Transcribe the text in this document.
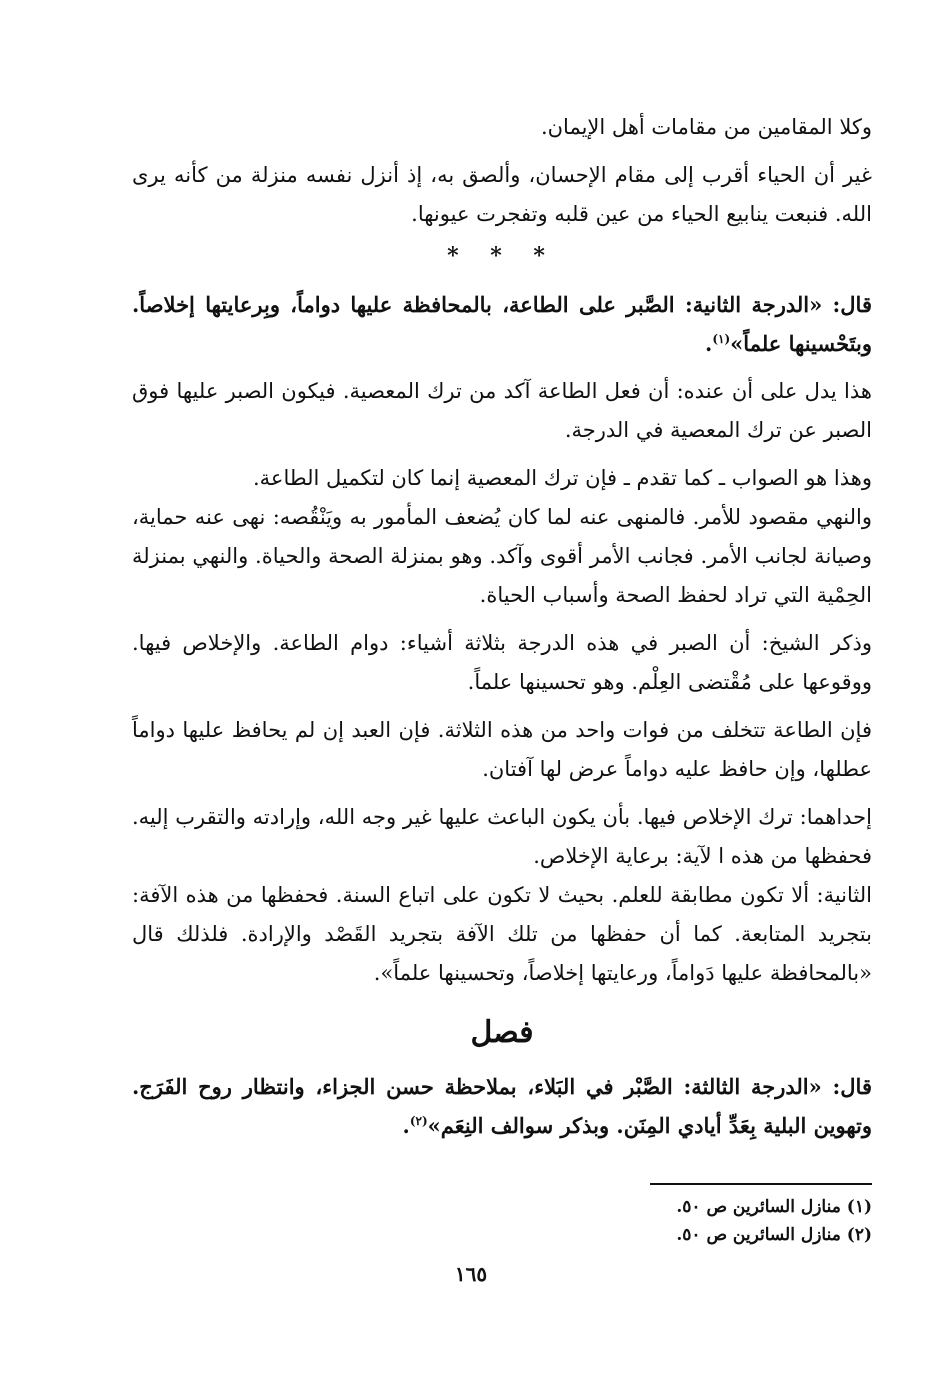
وكلا المقامين من مقامات أهل الإيمان.

غير أن الحياء أقرب إلى مقام الإحسان، وألصق به، إذ أنزل نفسه منزلة من كأنه يرى الله. فنبعت ينابيع الحياء من عين قلبه وتفجرت عيونها.

* * *

قال: «الدرجة الثانية: الصَّبر على الطاعة، بالمحافظة عليها دواماً، وبِرعايتها إخلاصاً. وبتَحْسينها علماً»$^{(١)}$.

هذا يدل على أن عنده: أن فعل الطاعة آكد من ترك المعصية. فيكون الصبر عليها فوق الصبر عن ترك المعصية في الدرجة.

وهذا هو الصواب ـ كما تقدم ـ فإن ترك المعصية إنما كان لتكميل الطاعة.

والنهي مقصود للأمر. فالمنهى عنه لما كان يُضعف المأمور به ويَنْقُصه: نهى عنه حماية، وصيانة لجانب الأمر. فجانب الأمر أقوى وآكد. وهو بمنزلة الصحة والحياة. والنهي بمنزلة الحِمْية التي تراد لحفظ الصحة وأسباب الحياة.

وذكر الشيخ: أن الصبر في هذه الدرجة بثلاثة أشياء: دوام الطاعة. والإخلاص فيها. ووقوعها على مُقْتضى العِلْم. وهو تحسينها علماً.

فإن الطاعة تتخلف من فوات واحد من هذه الثلاثة. فإن العبد إن لم يحافظ عليها دواماً عطلها، وإن حافظ عليه دواماً عرض لها آفتان.

إحداهما: ترك الإخلاص فيها. بأن يكون الباعث عليها غير وجه الله، وإرادته والتقرب إليه. فحفظها من هذه ا لآية: برعاية الإخلاص.

الثانية: ألا تكون مطابقة للعلم. بحيث لا تكون على اتباع السنة. فحفظها من هذه الآفة: بتجريد المتابعة. كما أن حفظها من تلك الآفة بتجريد القَصْد والإرادة. فلذلك قال «بالمحافظة عليها دَواماً، ورعايتها إخلاصاً، وتحسينها علماً».

فصل

قال: «الدرجة الثالثة: الصَّبْر في البَلاء، بملاحظة حسن الجزاء، وانتظار روح الفَرَج. وتهوين البلية بِعَدِّ أيادي المِنَن. وبذكر سوالف النِعَم»$^{(٢)}$.

(١) منازل السائرين ص ٥٠.
(٢) منازل السائرين ص ٥٠.
١٦٥
